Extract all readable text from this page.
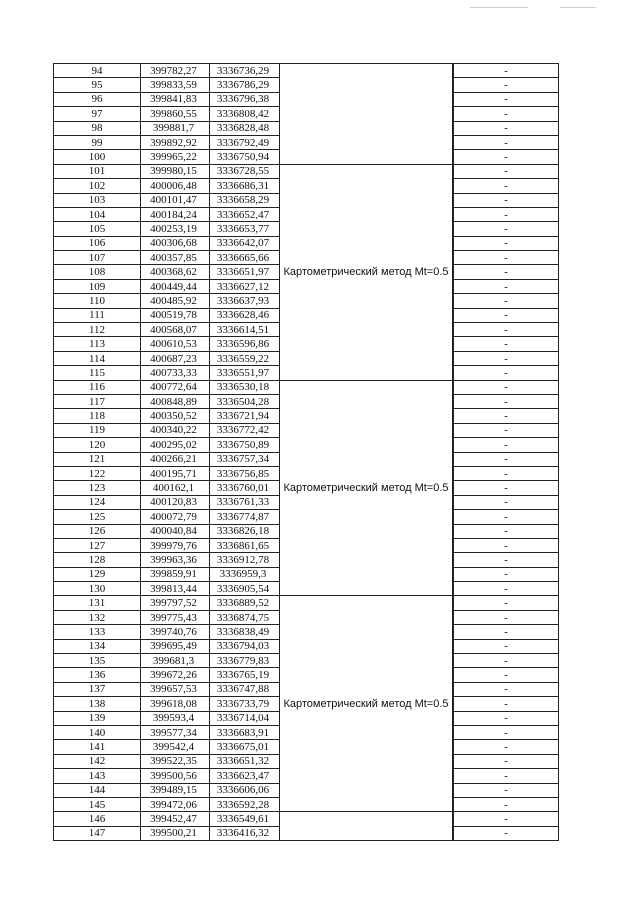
94	399782,27	3336736,29			-
95	399833,59	3336786,29		-
96	399841,83	3336796,38		-
97	399860,55	3336808,42		-
98	399881,7	3336828,48		-
99	399892,92	3336792,49		-
100	399965,22	3336750,94		-
101	399980,15	3336728,55	Картометрический метод Mt=0.5		-
102	400006,48	3336686,31		-
103	400101,47	3336658,29		-
104	400184,24	3336652,47		-
105	400253,19	3336653,77		-
106	400306,68	3336642,07		-
107	400357,85	3336665,66		-
108	400368,62	3336651,97		-
109	400449,44	3336627,12		-
110	400485,92	3336637,93		-
111	400519,78	3336628,46		-
112	400568,07	3336614,51		-
113	400610,53	3336596,86		-
114	400687,23	3336559,22		-
115	400733,33	3336551,97		-
116	400772,64	3336530,18	Картометрический метод Mt=0.5		-
117	400848,89	3336504,28		-
118	400350,52	3336721,94		-
119	400340,22	3336772,42		-
120	400295,02	3336750,89		-
121	400266,21	3336757,34		-
122	400195,71	3336756,85		-
123	400162,1	3336760,01		-
124	400120,83	3336761,33		-
125	400072,79	3336774,87		-
126	400040,84	3336826,18		-
127	399979,76	3336861,65		-
128	399963,36	3336912,78		-
129	399859,91	3336959,3		-
130	399813,44	3336905,54		-
131	399797,52	3336889,52	Картометрический метод Mt=0.5		-
132	399775,43	3336874,75		-
133	399740,76	3336838,49		-
134	399695,49	3336794,03		-
135	399681,3	3336779,83		-
136	399672,26	3336765,19		-
137	399657,53	3336747,88		-
138	399618,08	3336733,79		-
139	399593,4	3336714,04		-
140	399577,34	3336683,91		-
141	399542,4	3336675,01		-
142	399522,35	3336651,32		-
143	399500,56	3336623,47		-
144	399489,15	3336606,06		-
145	399472,06	3336592,28		-
146	399452,47	3336549,61			-
147	399500,21	3336416,32		-
